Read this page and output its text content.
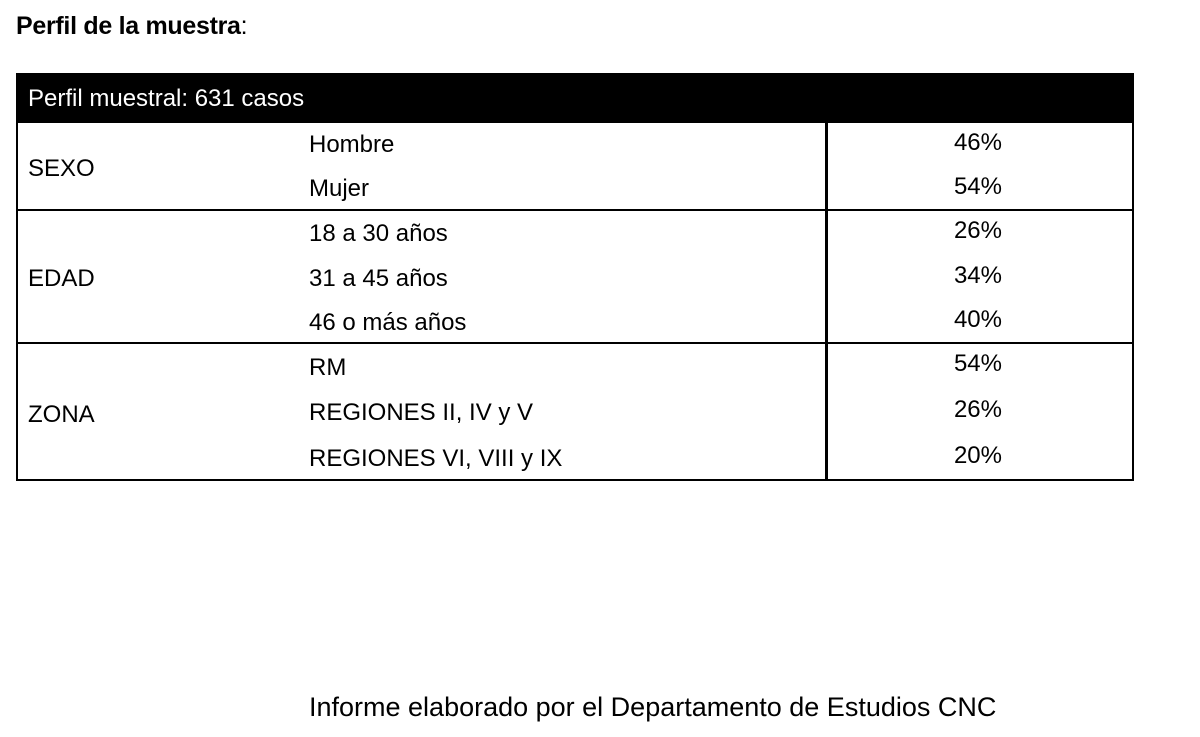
Perfil de la muestra:
Perfil muestral: 631 casos
SEXO
Hombre	46%
Mujer	54%
EDAD
18 a 30 años	26%
31 a 45 años	34%
46 o más años	40%
ZONA
RM	54%
REGIONES II, IV y V	26%
REGIONES VI, VIII y IX	20%
Informe elaborado por el Departamento de Estudios CNC
